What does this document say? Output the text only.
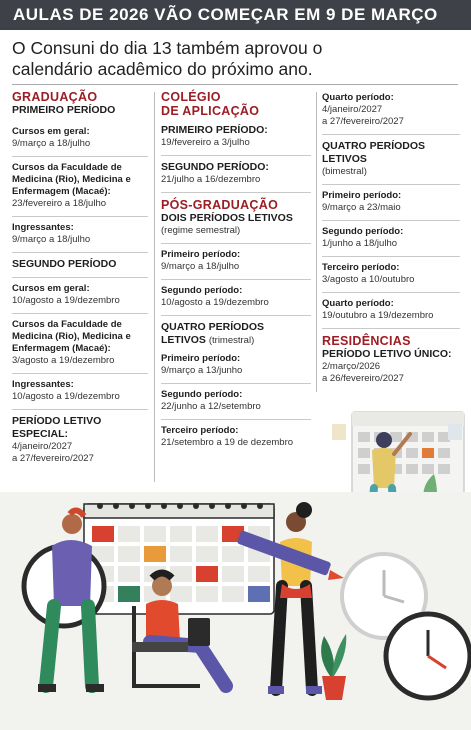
AULAS DE 2026 VÃO COMEÇAR EM 9 DE MARÇO
O Consuni do dia 13 também aprovou o
calendário acadêmico do próximo ano.
GRADUAÇÃO
PRIMEIRO PERÍODO
Cursos em geral:
9/março a 18/julho
Cursos da Faculdade de Medicina (Rio), Medicina e Enfermagem (Macaé):
23/fevereiro a 18/julho
Ingressantes:
9/março a 18/julho
SEGUNDO PERÍODO
Cursos em geral:
10/agosto a 19/dezembro
Cursos da Faculdade de Medicina (Rio), Medicina e Enfermagem (Macaé):
3/agosto a 19/dezembro
Ingressantes:
10/agosto a 19/dezembro
PERÍODO LETIVO ESPECIAL:
4/janeiro/2027
a 27/fevereiro/2027
COLÉGIO
DE APLICAÇÃO
PRIMEIRO PERÍODO:
19/fevereiro a 3/julho
SEGUNDO PERÍODO:
21/julho a 16/dezembro
PÓS-GRADUAÇÃO
DOIS PERÍODOS LETIVOS
(regime semestral)
Primeiro período:
9/março a 18/julho
Segundo período:
10/agosto a 19/dezembro
QUATRO PERÍODOS LETIVOS (trimestral)
Primeiro período:
9/março a 13/junho
Segundo período:
22/junho a 12/setembro
Terceiro período:
21/setembro a 19 de dezembro
Quarto período:
4/janeiro/2027
a 27/fevereiro/2027
QUATRO PERÍODOS LETIVOS
(bimestral)
Primeiro período:
9/março a 23/maio
Segundo período:
1/junho a 18/julho
Terceiro período:
3/agosto a 10/outubro
Quarto período:
19/outubro a 19/dezembro
RESIDÊNCIAS
PERÍODO LETIVO ÚNICO:
2/março/2026
a 26/fevereiro/2027
